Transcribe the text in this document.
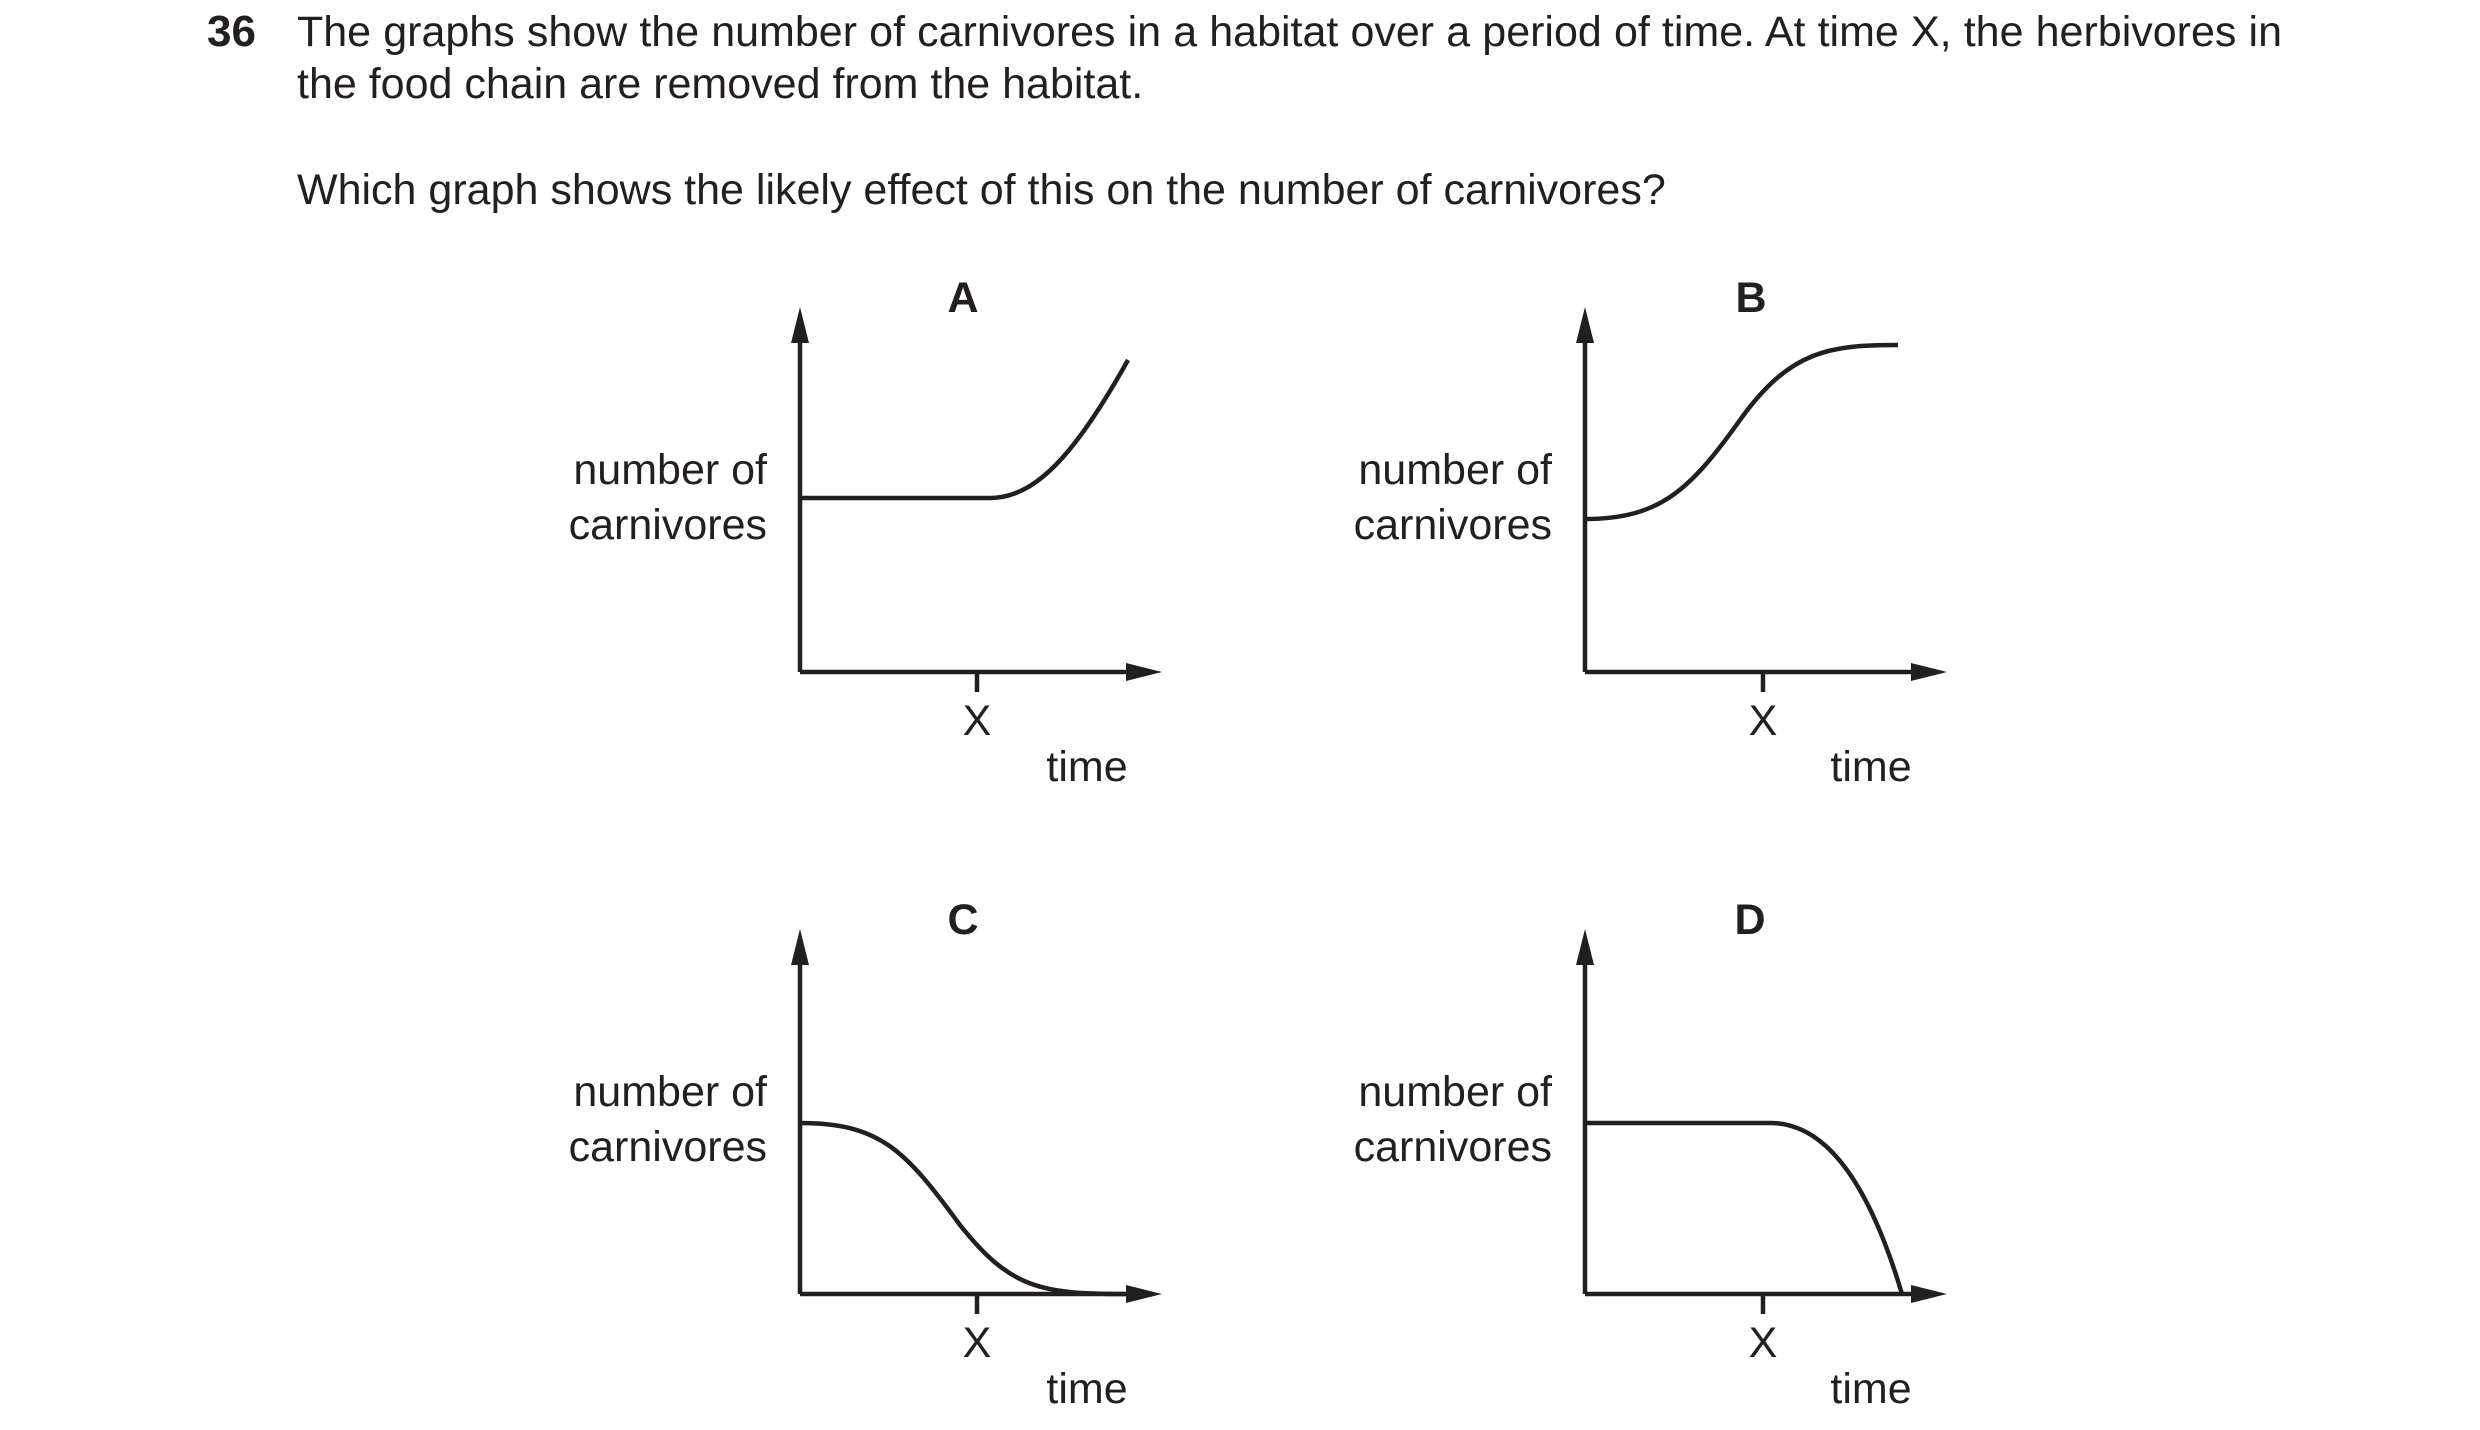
36 The graphs show the number of carnivores in a habitat over a period of time. At time X, the herbivores in the food chain are removed from the habitat.
Which graph shows the likely effect of this on the number of carnivores?
A
number of
carnivores
X
time
B
number of
carnivores
X
time
C
number of
carnivores
X
time
D
number of
carnivores
X
time
